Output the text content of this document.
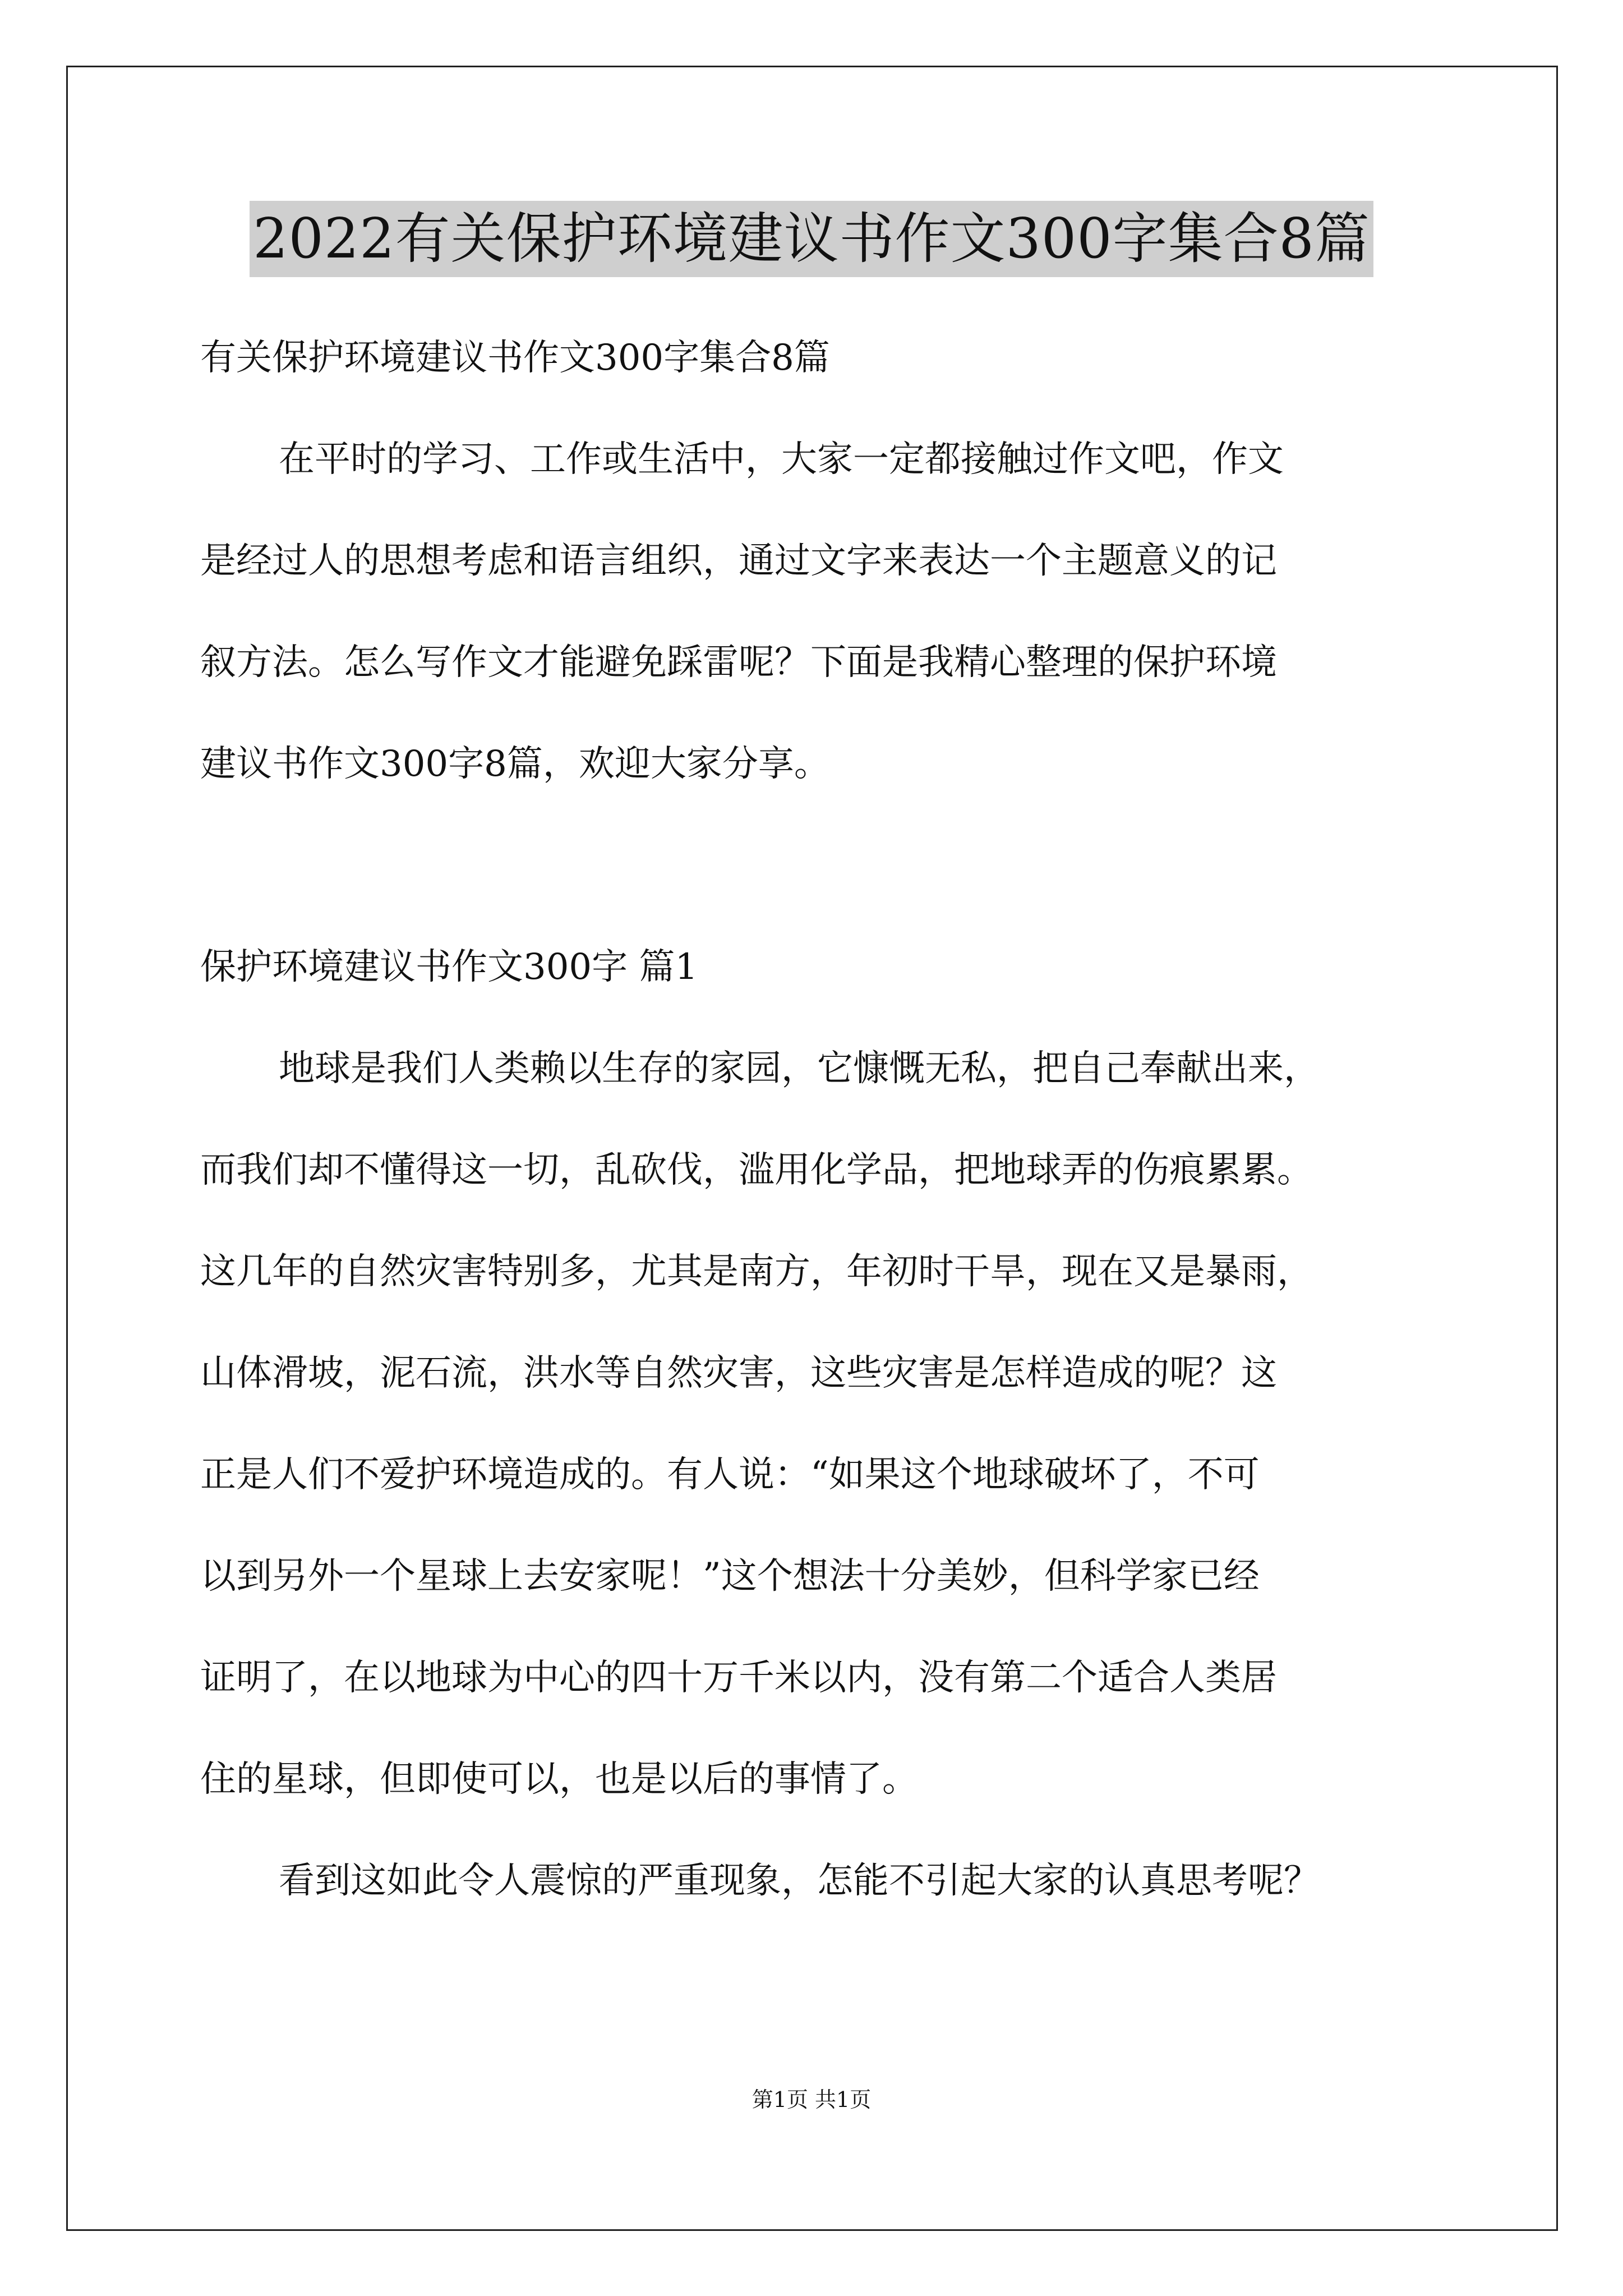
2022有关保护环境建议书作文300字集合8篇
有关保护环境建议书作文300字集合8篇
在平时的学习、工作或生活中，大家一定都接触过作文吧，作文
是经过人的思想考虑和语言组织，通过文字来表达一个主题意义的记
叙方法。怎么写作文才能避免踩雷呢？下面是我精心整理的保护环境
建议书作文300字8篇，欢迎大家分享。
保护环境建议书作文300字 篇1
地球是我们人类赖以生存的家园，它慷慨无私，把自己奉献出来，
而我们却不懂得这一切，乱砍伐，滥用化学品，把地球弄的伤痕累累。
这几年的自然灾害特别多，尤其是南方，年初时干旱，现在又是暴雨，
山体滑坡，泥石流，洪水等自然灾害，这些灾害是怎样造成的呢？这
正是人们不爱护环境造成的。有人说：“如果这个地球破坏了，不可
以到另外一个星球上去安家呢！”这个想法十分美妙，但科学家已经
证明了，在以地球为中心的四十万千米以内，没有第二个适合人类居
住的星球，但即使可以，也是以后的事情了。
看到这如此令人震惊的严重现象，怎能不引起大家的认真思考呢？
第1页 共1页
